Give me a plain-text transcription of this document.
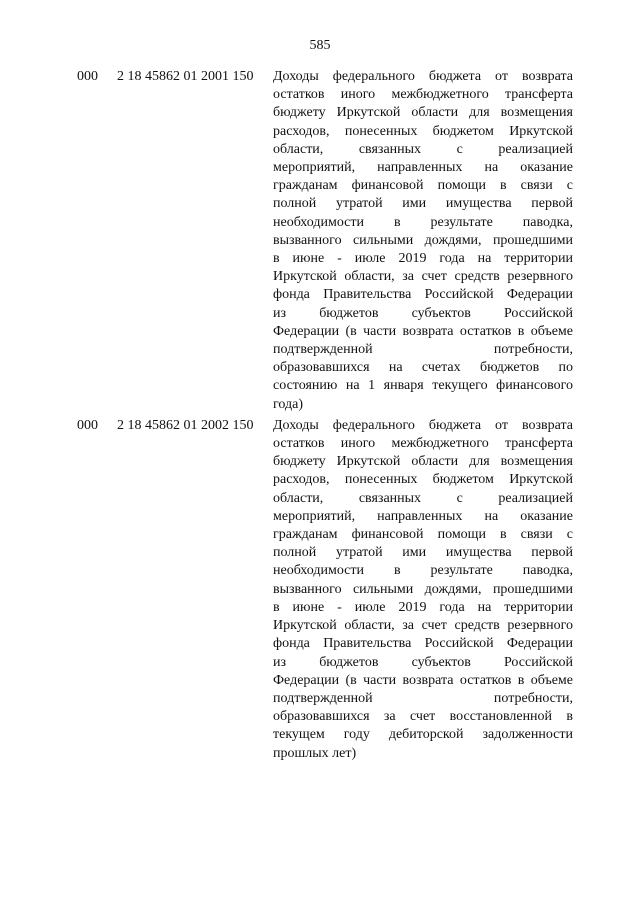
585
000 2 18 45862 01 2001 150 Доходы федерального бюджета от возврата
остатков иного межбюджетного трансферта
бюджету Иркутской области для возмещения
расходов, понесенных бюджетом Иркутской
области, связанных с реализацией
мероприятий, направленных на оказание
гражданам финансовой помощи в связи с
полной утратой ими имущества первой
необходимости в результате паводка,
вызванного сильными дождями, прошедшими
в июне - июле 2019 года на территории
Иркутской области, за счет средств резервного
фонда Правительства Российской Федерации
из бюджетов субъектов Российской
Федерации (в части возврата остатков в объеме
подтвержденной потребности,
образовавшихся на счетах бюджетов по
состоянию на 1 января текущего финансового
года)
000 2 18 45862 01 2002 150 Доходы федерального бюджета от возврата
остатков иного межбюджетного трансферта
бюджету Иркутской области для возмещения
расходов, понесенных бюджетом Иркутской
области, связанных с реализацией
мероприятий, направленных на оказание
гражданам финансовой помощи в связи с
полной утратой ими имущества первой
необходимости в результате паводка,
вызванного сильными дождями, прошедшими
в июне - июле 2019 года на территории
Иркутской области, за счет средств резервного
фонда Правительства Российской Федерации
из бюджетов субъектов Российской
Федерации (в части возврата остатков в объеме
подтвержденной потребности,
образовавшихся за счет восстановленной в
текущем году дебиторской задолженности
прошлых лет)
